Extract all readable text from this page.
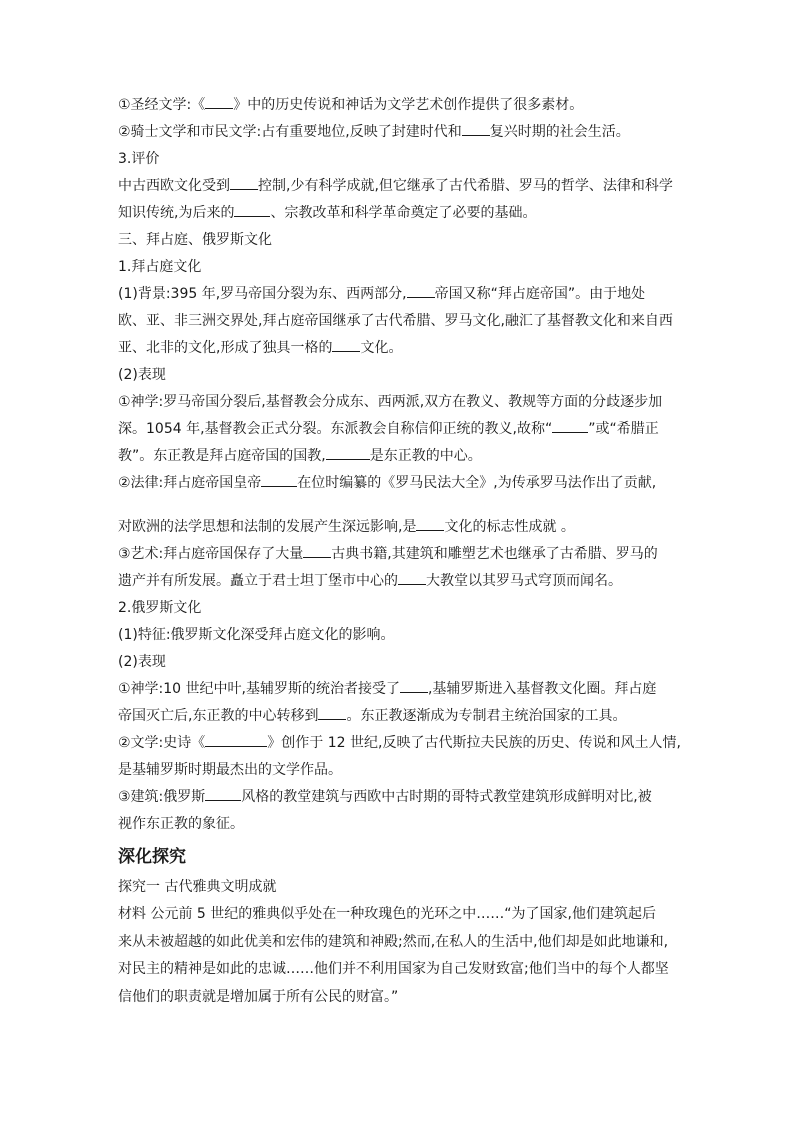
①圣经文学:《 》中的历史传说和神话为文学艺术创作提供了很多素材。
②骑士文学和市民文学:占有重要地位,反映了封建时代和 复兴时期的社会生活。
3.评价
中古西欧文化受到 控制,少有科学成就,但它继承了古代希腊、罗马的哲学、法律和科学
知识传统,为后来的	、宗教改革和科学革命奠定了必要的基础。
三、拜占庭、俄罗斯文化
1.拜占庭文化
(1)背景:395 年,罗马帝国分裂为东、西两部分, 帝国又称“拜占庭帝国”。由于地处
欧、亚、非三洲交界处,拜占庭帝国继承了古代希腊、罗马文化,融汇了基督教文化和来自西
亚、北非的文化,形成了独具一格的 文化。
(2)表现
①神学:罗马帝国分裂后,基督教会分成东、西两派,双方在教义、教规等方面的分歧逐步加
深。1054 年,基督教会正式分裂。东派教会自称信仰正统的教义,故称“	”或“希腊正
教”。东正教是拜占庭帝国的国教,	是东正教的中心。
②法律:拜占庭帝国皇帝	在位时编纂的《罗马民法大全》,为传承罗马法作出了贡献,
对欧洲的法学思想和法制的发展产生深远影响,是 文化的标志性成就 。
③艺术:拜占庭帝国保存了大量 古典书籍,其建筑和雕塑艺术也继承了古希腊、罗马的
遗产并有所发展。矗立于君士坦丁堡市中心的 大教堂以其罗马式穹顶而闻名。
2.俄罗斯文化
(1)特征:俄罗斯文化深受拜占庭文化的影响。
(2)表现
①神学:10 世纪中叶,基辅罗斯的统治者接受了 ,基辅罗斯进入基督教文化圈。拜占庭
帝国灭亡后,东正教的中心转移到 。东正教逐渐成为专制君主统治国家的工具。
②文学:史诗《	》创作于 12 世纪,反映了古代斯拉夫民族的历史、传说和风土人情,
是基辅罗斯时期最杰出的文学作品。
③建筑:俄罗斯	风格的教堂建筑与西欧中古时期的哥特式教堂建筑形成鲜明对比,被
视作东正教的象征。
深化探究
探究一 古代雅典文明成就
材料 公元前 5 世纪的雅典似乎处在一种玫瑰色的光环之中……“为了国家,他们建筑起后
来从未被超越的如此优美和宏伟的建筑和神殿;然而,在私人的生活中,他们却是如此地谦和,
对民主的精神是如此的忠诚……他们并不利用国家为自己发财致富;他们当中的每个人都坚
信他们的职责就是增加属于所有公民的财富。”
